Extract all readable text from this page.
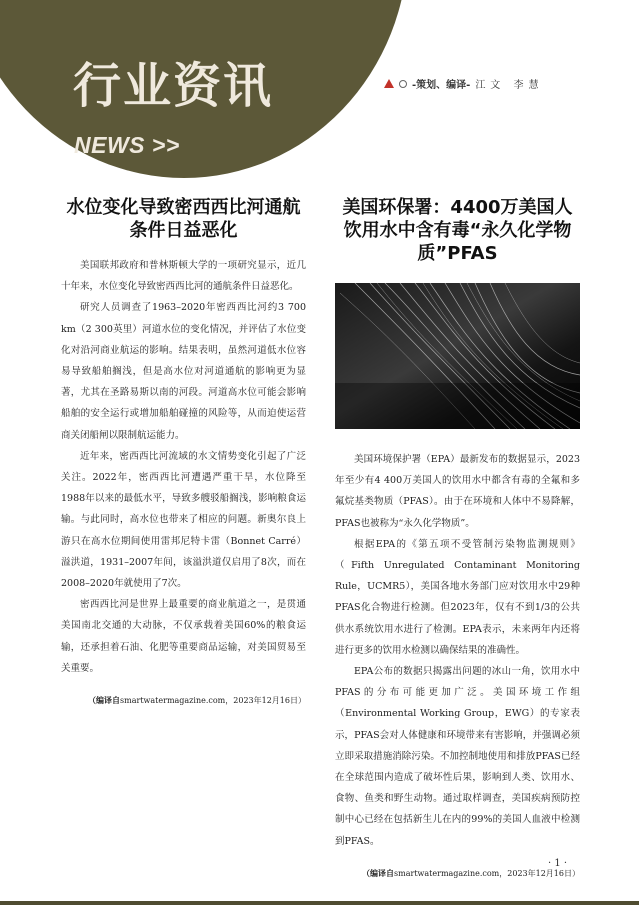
行业资讯
NEWS >>
-策划、编译- 江文 李慧
水位变化导致密西西比河通航条件日益恶化

美国联邦政府和普林斯顿大学的一项研究显示，近几十年来，水位变化导致密西西比河的通航条件日益恶化。

研究人员调查了1963–2020年密西西比河约3 700 km（2 300英里）河道水位的变化情况，并评估了水位变化对沿河商业航运的影响。结果表明，虽然河道低水位容易导致船舶搁浅，但是高水位对河道通航的影响更为显著，尤其在圣路易斯以南的河段。河道高水位可能会影响船舶的安全运行或增加船舶碰撞的风险等，从而迫使运营商关闭船闸以限制航运能力。

近年来，密西西比河流域的水文情势变化引起了广泛关注。2022年，密西西比河遭遇严重干旱，水位降至1988年以来的最低水平，导致多艘驳船搁浅，影响粮食运输。与此同时，高水位也带来了相应的问题。新奥尔良上游只在高水位期间使用雷邦尼特卡雷（Bonnet Carré）溢洪道，1931–2007年间，该溢洪道仅启用了8次，而在2008–2020年就使用了7次。

密西西比河是世界上最重要的商业航道之一，是贯通美国南北交通的大动脉，不仅承载着美国60%的粮食运输，还承担着石油、化肥等重要商品运输，对美国贸易至关重要。

（编译自smartwatermagazine.com，2023年12月16日）

美国环保署：4400万美国人饮用水中含有毒“永久化学物质”PFAS

美国环境保护署（EPA）最新发布的数据显示，2023年至少有4 400万美国人的饮用水中都含有毒的全氟和多氟烷基类物质（PFAS）。由于在环境和人体中不易降解，PFAS也被称为“永久化学物质”。

根据EPA的《第五项不受管制污染物监测规则》（Fifth Unregulated Contaminant Monitoring Rule，UCMR5），美国各地水务部门应对饮用水中29种PFAS化合物进行检测。但2023年，仅有不到1/3的公共供水系统饮用水进行了检测。EPA表示，未来两年内还将进行更多的饮用水检测以确保结果的准确性。

EPA公布的数据只揭露出问题的冰山一角，饮用水中PFAS的分布可能更加广泛。美国环境工作组（Environmental Working Group，EWG）的专家表示，PFAS会对人体健康和环境带来有害影响，并强调必须立即采取措施消除污染。不加控制地使用和排放PFAS已经在全球范围内造成了破坏性后果，影响到人类、饮用水、食物、鱼类和野生动物。通过取样调查，美国疾病预防控制中心已经在包括新生儿在内的99%的美国人血液中检测到PFAS。

（编译自smartwatermagazine.com，2023年12月16日）

· 1 ·
